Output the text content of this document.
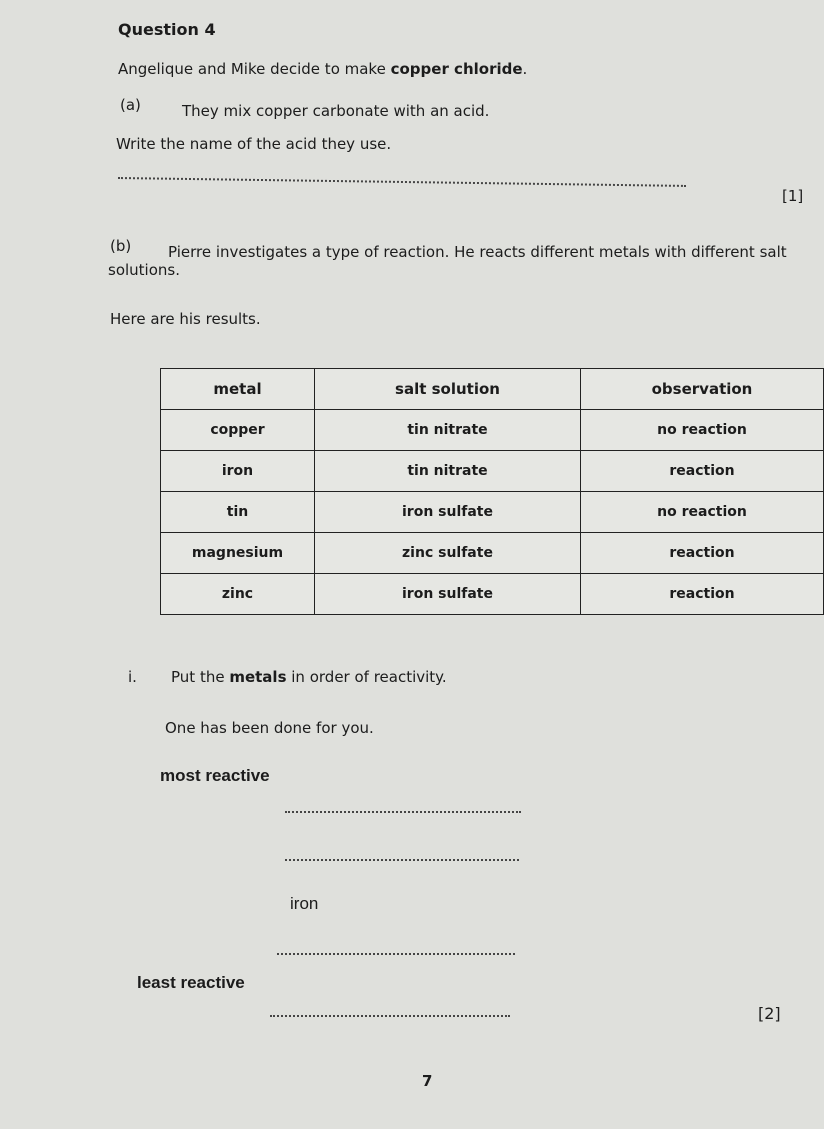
Question 4
Angelique and Mike decide to make copper chloride.
(a)	They mix copper carbonate with an acid.
Write the name of the acid they use.
[1]
(b) Pierre investigates a type of reaction. He reacts different metals with different salt
solutions.
Here are his results.
metal	salt solution	observation
copper	tin nitrate	no reaction
iron	tin nitrate	reaction
tin	iron sulfate	no reaction
magnesium	zinc sulfate	reaction
zinc	iron sulfate	reaction
i. Put the metals in order of reactivity.
One has been done for you.
most reactive
iron
least reactive
[2]
7
